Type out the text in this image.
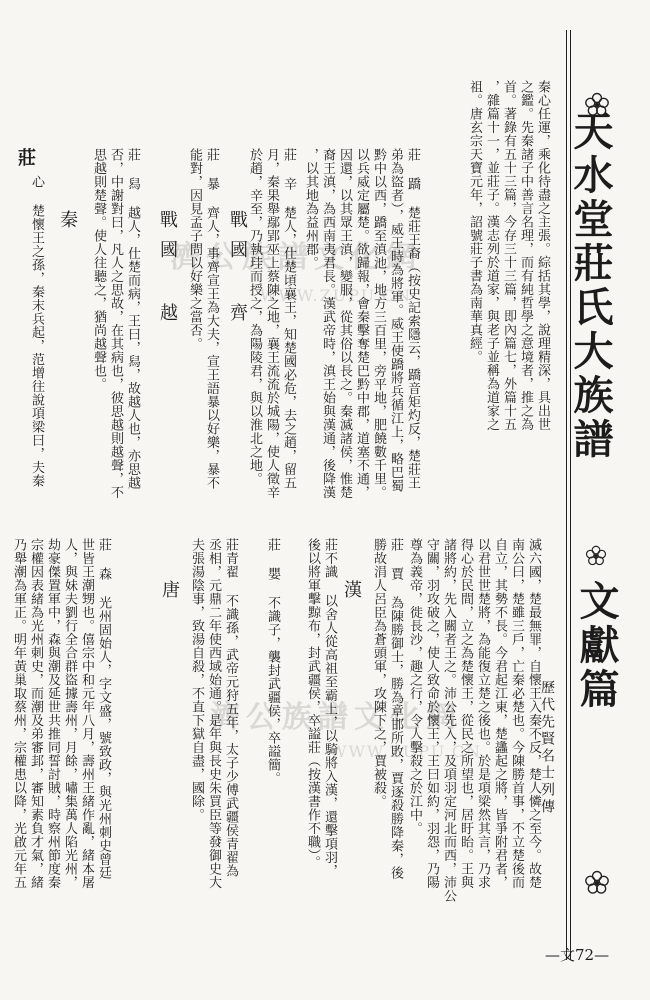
濟公族譜文化網
WWW.ZUPU.CN
濟公族譜文化網
WWW.ZUPU.CN
天水堂莊氏大族譜
文獻篇
歷代先賢名士列傳
秦心任運，乘化待盡之主張。綜括其學，說理精深，具出世
之鑑。先秦諸子中善言名理，而有純哲學之意境者，推之為
首。著錄有五十三篇，今存三十三篇，即內篇七，外篇十五
，雜篇十一，並莊子。漢志列於道家，與老子並稱為道家之
祖。唐玄宗天寶元年，詔號莊子書為南華真經。
莊 蹻 楚莊王裔（按史記索隱云，蹻音矩灼反，楚莊王
弟為盜者），威王時為將軍。威王使蹻將兵循江上，略巴蜀
黔中以西，蹻至滇池，地方三百里，旁平地，肥饒數千里。
以兵威定屬楚。欲歸報，會秦擊奪楚巴黔中郡，道塞不通，
因還，以其眾王滇，變服，從其俗以長之。秦滅諸侯，惟楚
裔王滇，為西南夷君長。漢武帝時，滇王始與漢通，後降漢
，以其地為益州郡。
莊 辛 楚人，仕楚頃襄王，知楚國必危，去之趙，留五
月，秦果舉鄢郢巫上蔡陳之地，襄王流流於城陽，使人徵辛
於趙，辛至，乃執珪而授之，為陽陵君，與以淮北之地。
戰國 齊
莊 暴 齊人，事齊宣王為大夫，宣王語暴以好樂，暴不
能對，因見孟子問以好樂之當否。
戰國 越
莊 舄 越人，仕楚而病，王曰，舄，故越人也，亦思越
否，中謝對曰，凡人之思故，在其病也，彼思越則越聲，不
思越則楚聲。使人往聽之，猶尚越聲也。
秦
莊
心 楚懷王之孫，秦末兵起，范增往說項梁曰，夫秦
滅六國，楚最無罪，自懷王入秦不反，楚人憐之至今。故楚
南公曰，楚雖三戶，亡秦必楚也。今陳勝首事，不立楚後而
自立，其勢不長。今君起江東，楚蠭起之將，皆爭附君者，
以君世世楚將，為能復立楚之後也。於是項梁然其言，乃求
得心於民間，立之為楚懷王，從民之所望也，居盱眙。王與
諸將約，先入關者王之。沛公先入，及項羽定河北而西，沛公
守關，羽攻破之，使人致命於懷王，王曰如約，羽怨，乃陽
尊為義帝，徙長沙，趣之行，令人擊殺之於江中。
莊 賈 為陳勝御士，勝為章邯所敗，賈逐殺勝降秦，後
勝故涓人呂臣為蒼頭軍，攻陳下之，賈被殺。
漢
莊不識 以舍人從高祖至霸上，以騎將入漢，還擊項羽，
後以將軍擊黥布，封武疆侯，卒謚莊（按漢書作不職）。
莊 嬰 不識子，襲封武疆侯，卒謚簡。
莊青翟 不識孫，武帝元狩五年，太子少傅武疆侯青翟為
丞相，元鼎二年使西域始通。是年與長史朱買臣等發御史大
夫張湯陰事，致湯自殺，不直下獄自盡，國除。
唐
莊 森 光州固始人，字文盛，號致政，與光州刺史曾廷
世皆王潮甥也。僖宗中和元年八月，壽州王緒作亂，緒本屠
人，與妹夫劉行全合群盜據壽州，月餘，嘯集萬人陷光州，
劫豪傑置軍中，森與潮及延世共推同誓討賊，時察州節度秦
宗權因表緒為光州刺史，而潮及弟審邽，審知素負才氣，緒
乃舉潮為軍正。明年黃巢取蔡州，宗權患以降，光啟元年五
—文72—
